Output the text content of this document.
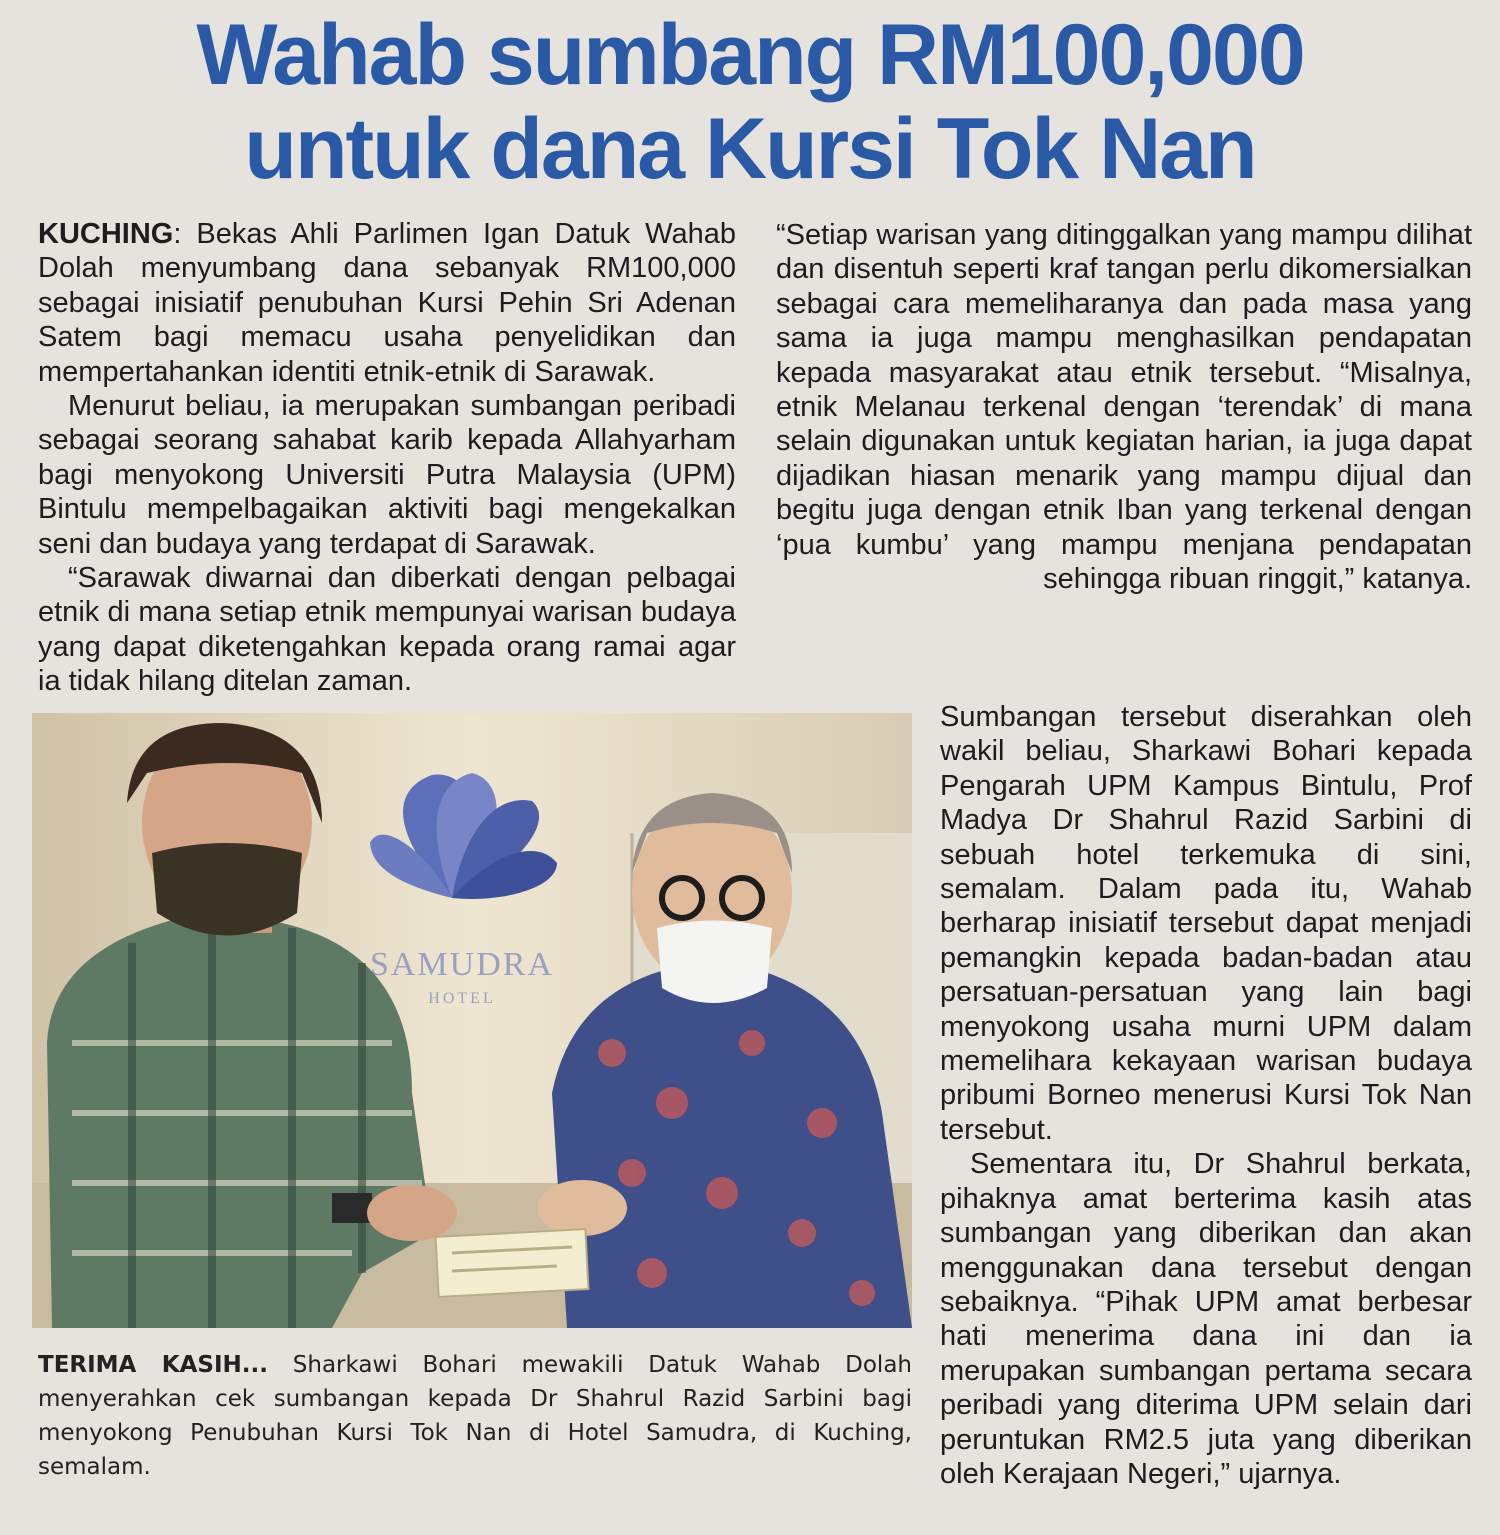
Wahab sumbang RM100,000
untuk dana Kursi Tok Nan

KUCHING: Bekas Ahli Parlimen Igan Datuk Wahab Dolah menyumbang dana sebanyak RM100,000 sebagai inisiatif penubuhan Kursi Pehin Sri Adenan Satem bagi memacu usaha penyelidikan dan mempertahankan identiti etnik-etnik di Sarawak.

Menurut beliau, ia merupakan sumbangan peribadi sebagai seorang sahabat karib kepada Allahyarham bagi menyokong Universiti Putra Malaysia (UPM) Bintulu mempelbagaikan aktiviti bagi mengekalkan seni dan budaya yang terdapat di Sarawak.

“Sarawak diwarnai dan diberkati dengan pelbagai etnik di mana setiap etnik mempunyai warisan budaya yang dapat diketengahkan kepada orang ramai agar ia tidak hilang ditelan zaman.

“Setiap warisan yang ditinggalkan yang mampu dilihat dan disentuh seperti kraf tangan perlu dikomersialkan sebagai cara memeliharanya dan pada masa yang sama ia juga mampu menghasilkan pendapatan kepada masyarakat atau etnik tersebut. “Misalnya, etnik Melanau terkenal dengan ‘terendak’ di mana selain digunakan untuk kegiatan harian, ia juga dapat dijadikan hiasan menarik yang mampu dijual dan begitu juga dengan etnik Iban yang terkenal dengan ‘pua kumbu’ yang mampu menjana pendapatan sehingga ribuan ringgit,” katanya.

Sumbangan tersebut diserahkan oleh wakil beliau, Sharkawi Bohari kepada Pengarah UPM Kampus Bintulu, Prof Madya Dr Shahrul Razid Sarbini di sebuah hotel terkemuka di sini, semalam. Dalam pada itu, Wahab berharap inisiatif tersebut dapat menjadi pemangkin kepada badan-badan atau persatuan-persatuan yang lain bagi menyokong usaha murni UPM dalam memelihara kekayaan warisan budaya pribumi Borneo menerusi Kursi Tok Nan tersebut.

Sementara itu, Dr Shahrul berkata, pihaknya amat berterima kasih atas sumbangan yang diberikan dan akan menggunakan dana tersebut dengan sebaiknya. “Pihak UPM amat berbesar hati menerima dana ini dan ia merupakan sumbangan pertama secara peribadi yang diterima UPM selain dari peruntukan RM2.5 juta yang diberikan oleh Kerajaan Negeri,” ujarnya.

SAMUDRA
HOTEL
TERIMA KASIH... Sharkawi Bohari mewakili Datuk Wahab Dolah menyerahkan cek sumbangan kepada Dr Shahrul Razid Sarbini bagi menyokong Penubuhan Kursi Tok Nan di Hotel Samudra, di Kuching, semalam.
